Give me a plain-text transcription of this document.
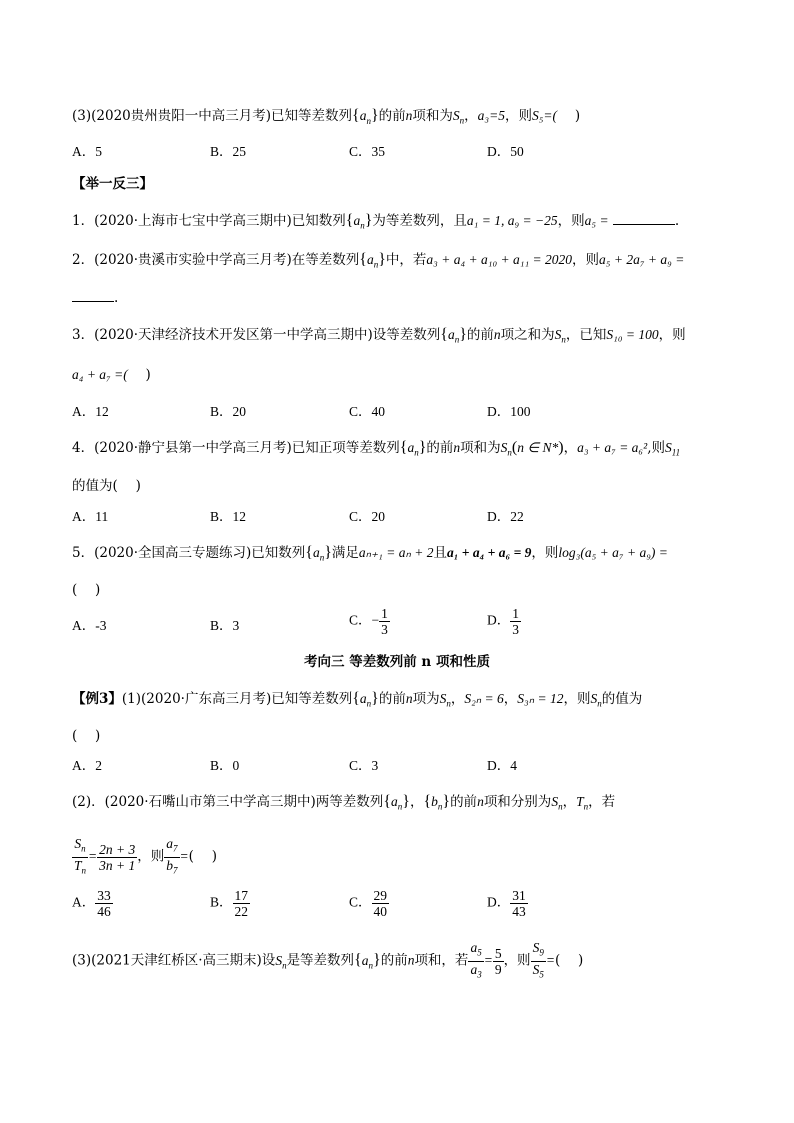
(3)(2020贵州贵阳一中高三月考)已知等差数列$\{a_n\}$的前n项和为$S_n$，a₃=5，则S₅=(　 )
A．5	B．25	C．35	D．50
【举一反三】
1．(2020·上海市七宝中学高三期中)已知数列$\{a_n\}$为等差数列，且a₁ = 1, a₉ = −25，则a₅ =	.
2．(2020·贵溪市实验中学高三月考)在等差数列$\{a_n\}$中，若a₃ + a₄ + a₁₀ + a₁₁ = 2020，则a₅ + 2a₇ + a₉ =
.
3．(2020·天津经济技术开发区第一中学高三期中)设等差数列$\{a_n\}$的前n项之和为$S_n$，已知S₁₀ = 100，则
a₄ + a₇ =(　 )
A．12	B．20	C．40	D．100
4．(2020·静宁县第一中学高三月考)已知正项等差数列$\{a_n\}$的前n项和为$S_n(n$ ∈ N*)，a₃ + a₇ = a₆²,则$S_{11}$
的值为(　 )
A．11	B．12	C．20	D．22
5．(2020·全国高三专题练习)已知数列$\{a_n\}$满足aₙ₊₁ = aₙ + 2且a₁ + a₄ + a₆ = 9，则log₃(a₅ + a₇ + a₉) =
(　 )
A．-3	B．3	C．− $\frac{1}{3}$	D． $\frac{1}{3}$
考向三 等差数列前 n 项和性质
【例3】(1)(2020·广东高三月考)已知等差数列$\{a_n\}$的前n项为$S_n$，S₂ₙ = 6，S₃ₙ = 12，则$S_n$的值为
(　 )
A．2	B．0	C．3	D．4
(2)．(2020·石嘴山市第三中学高三期中)两等差数列$\{a_n\}$，$\{b_n\}$的前n项和分别为$S_n$，$T_n$，若
$\frac{S_n}{T_n} = \frac{2n + 3}{3n + 1}$ ，则 $\frac{a_7}{b_7}$ =(　 )
A． $\frac{33}{46}$	B． $\frac{17}{22}$	C． $\frac{29}{40}$	D． $\frac{31}{43}$
(3)(2021天津红桥区·高三期末)设$S_n$是等差数列$\{a_n\}$的前n项和，若 $\frac{a_5}{a_3} = \frac{5}{9}$ ，则 $\frac{S_9}{S_5}$ =(　 )
